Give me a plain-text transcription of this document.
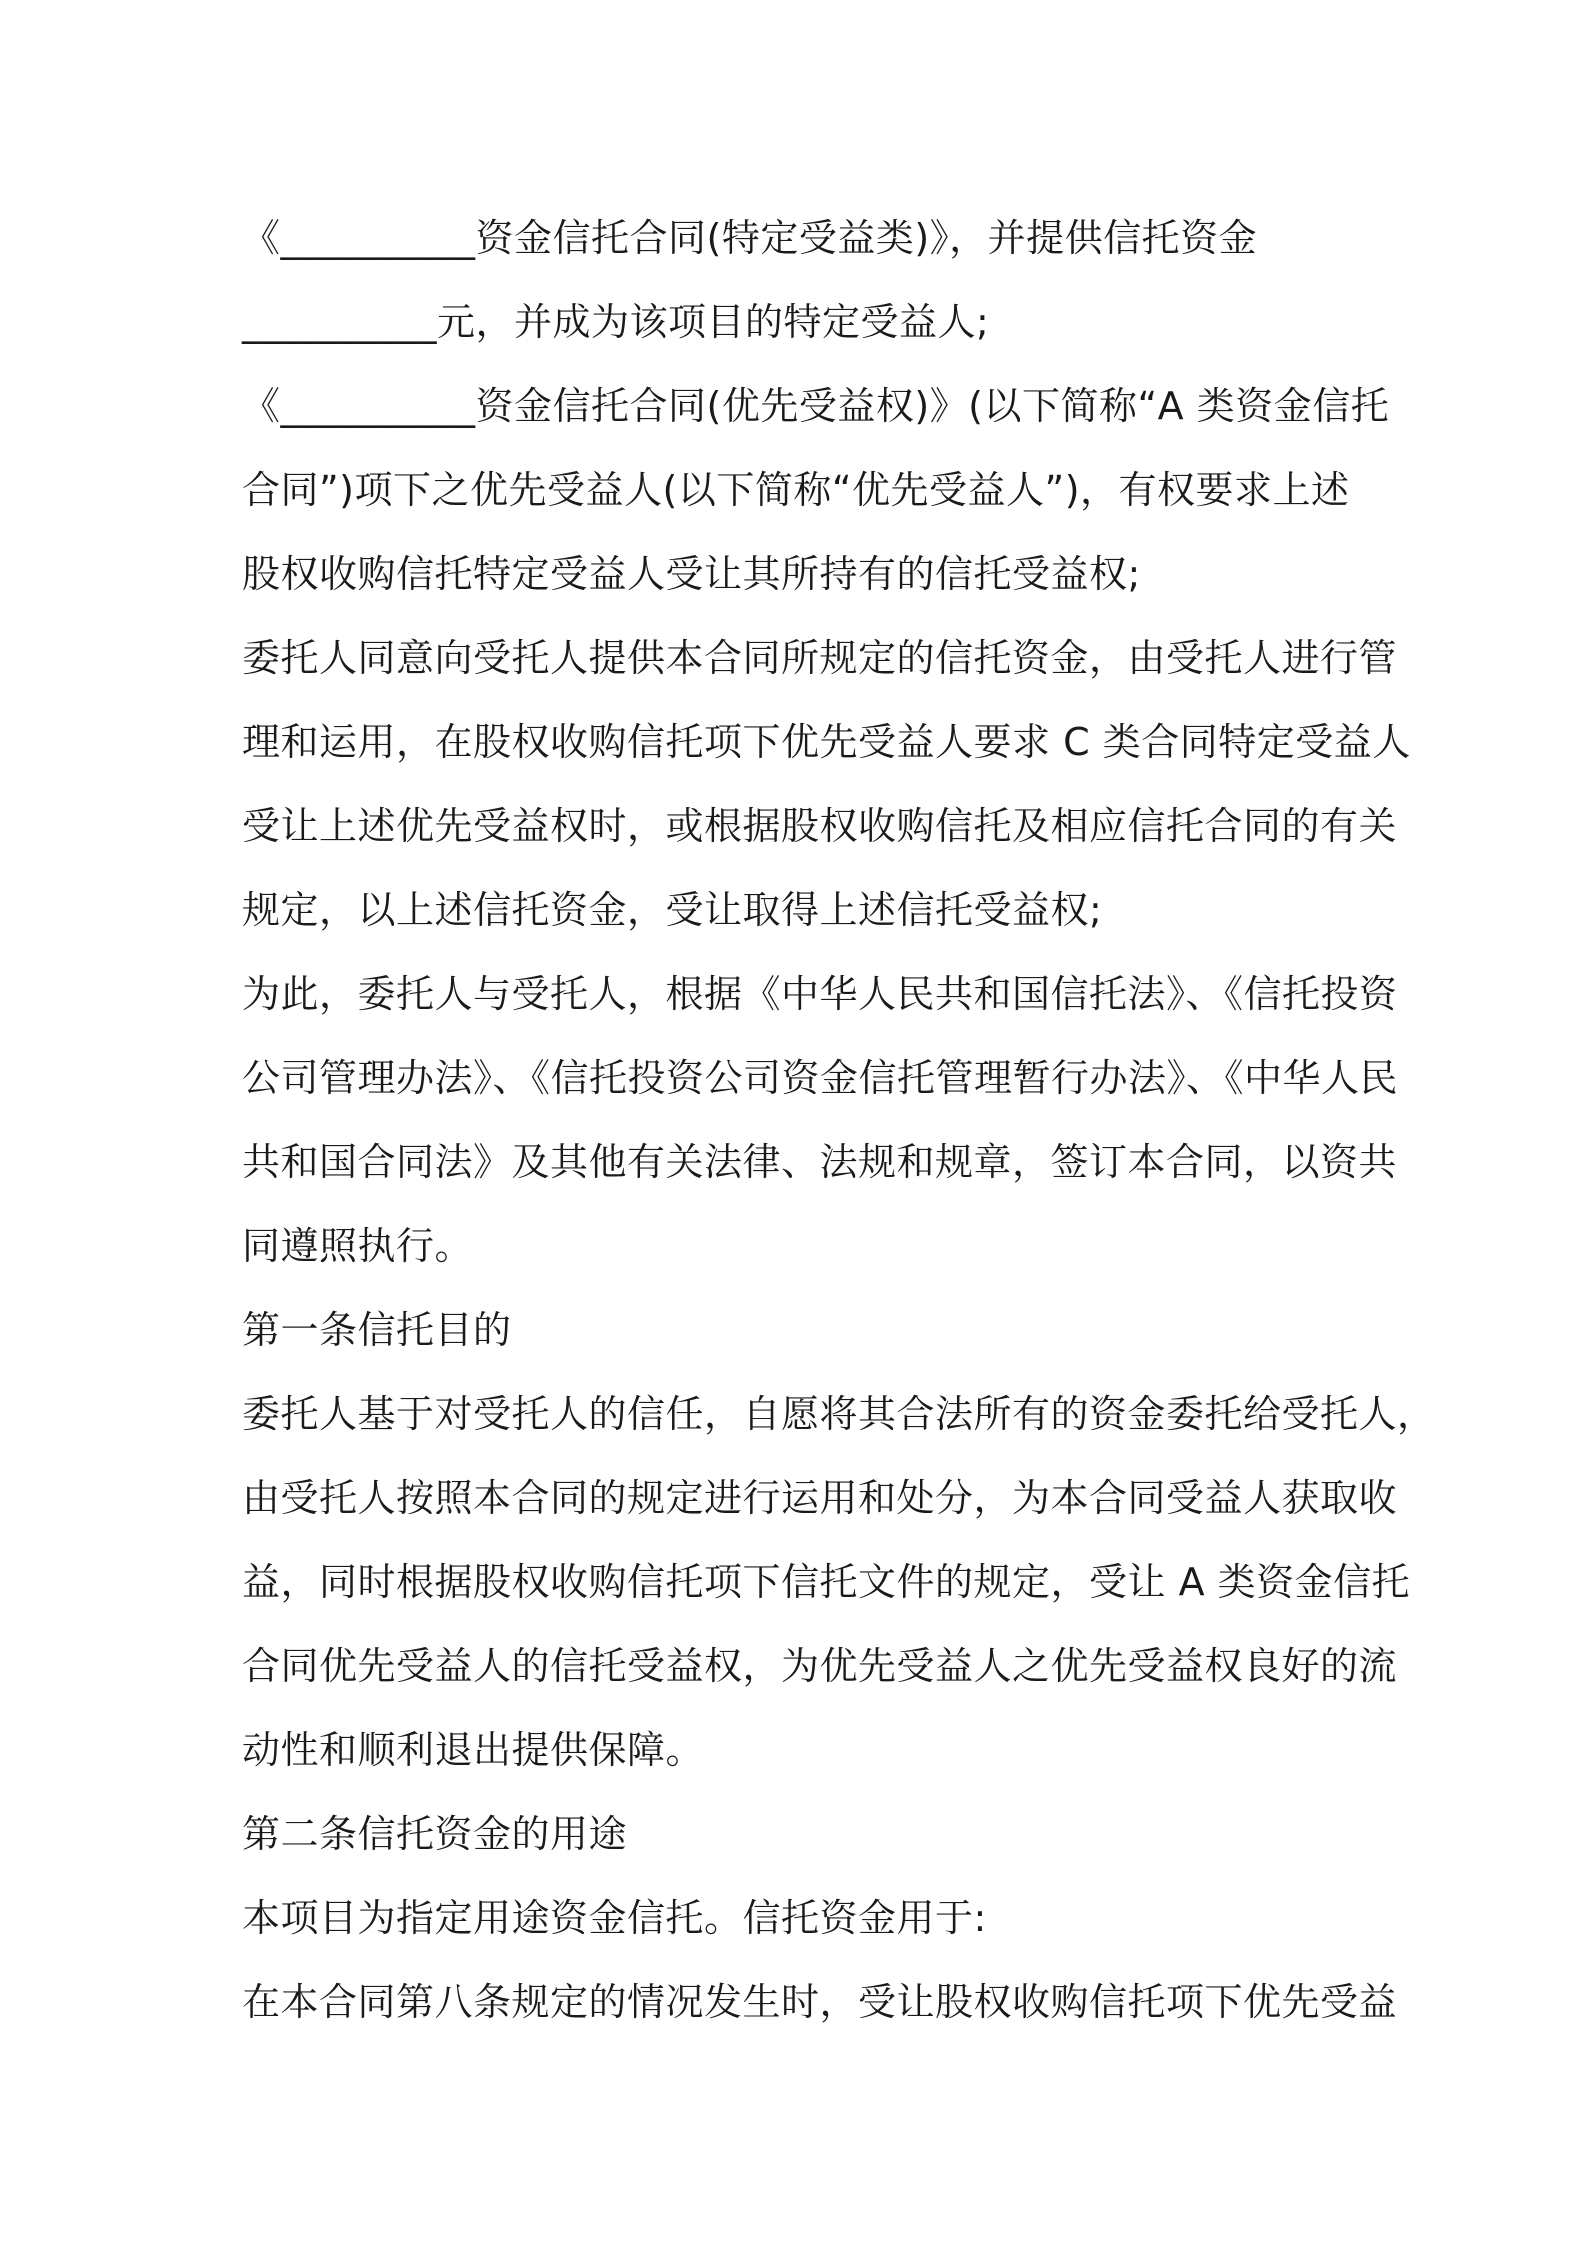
《__________资金信托合同(特定受益类)》，并提供信托资金
__________元，并成为该项目的特定受益人;
《__________资金信托合同(优先受益权)》(以下简称“A 类资金信托
合同”)项下之优先受益人(以下简称“优先受益人”)，有权要求上述
股权收购信托特定受益人受让其所持有的信托受益权;
委托人同意向受托人提供本合同所规定的信托资金，由受托人进行管
理和运用，在股权收购信托项下优先受益人要求 C 类合同特定受益人
受让上述优先受益权时，或根据股权收购信托及相应信托合同的有关
规定，以上述信托资金，受让取得上述信托受益权;
为此，委托人与受托人，根据《中华人民共和国信托法》、《信托投资
公司管理办法》、《信托投资公司资金信托管理暂行办法》、《中华人民
共和国合同法》及其他有关法律、法规和规章，签订本合同，以资共
同遵照执行。
第一条信托目的
委托人基于对受托人的信任，自愿将其合法所有的资金委托给受托人，
由受托人按照本合同的规定进行运用和处分，为本合同受益人获取收
益，同时根据股权收购信托项下信托文件的规定，受让 A 类资金信托
合同优先受益人的信托受益权，为优先受益人之优先受益权良好的流
动性和顺利退出提供保障。
第二条信托资金的用途
本项目为指定用途资金信托。信托资金用于:
在本合同第八条规定的情况发生时，受让股权收购信托项下优先受益
